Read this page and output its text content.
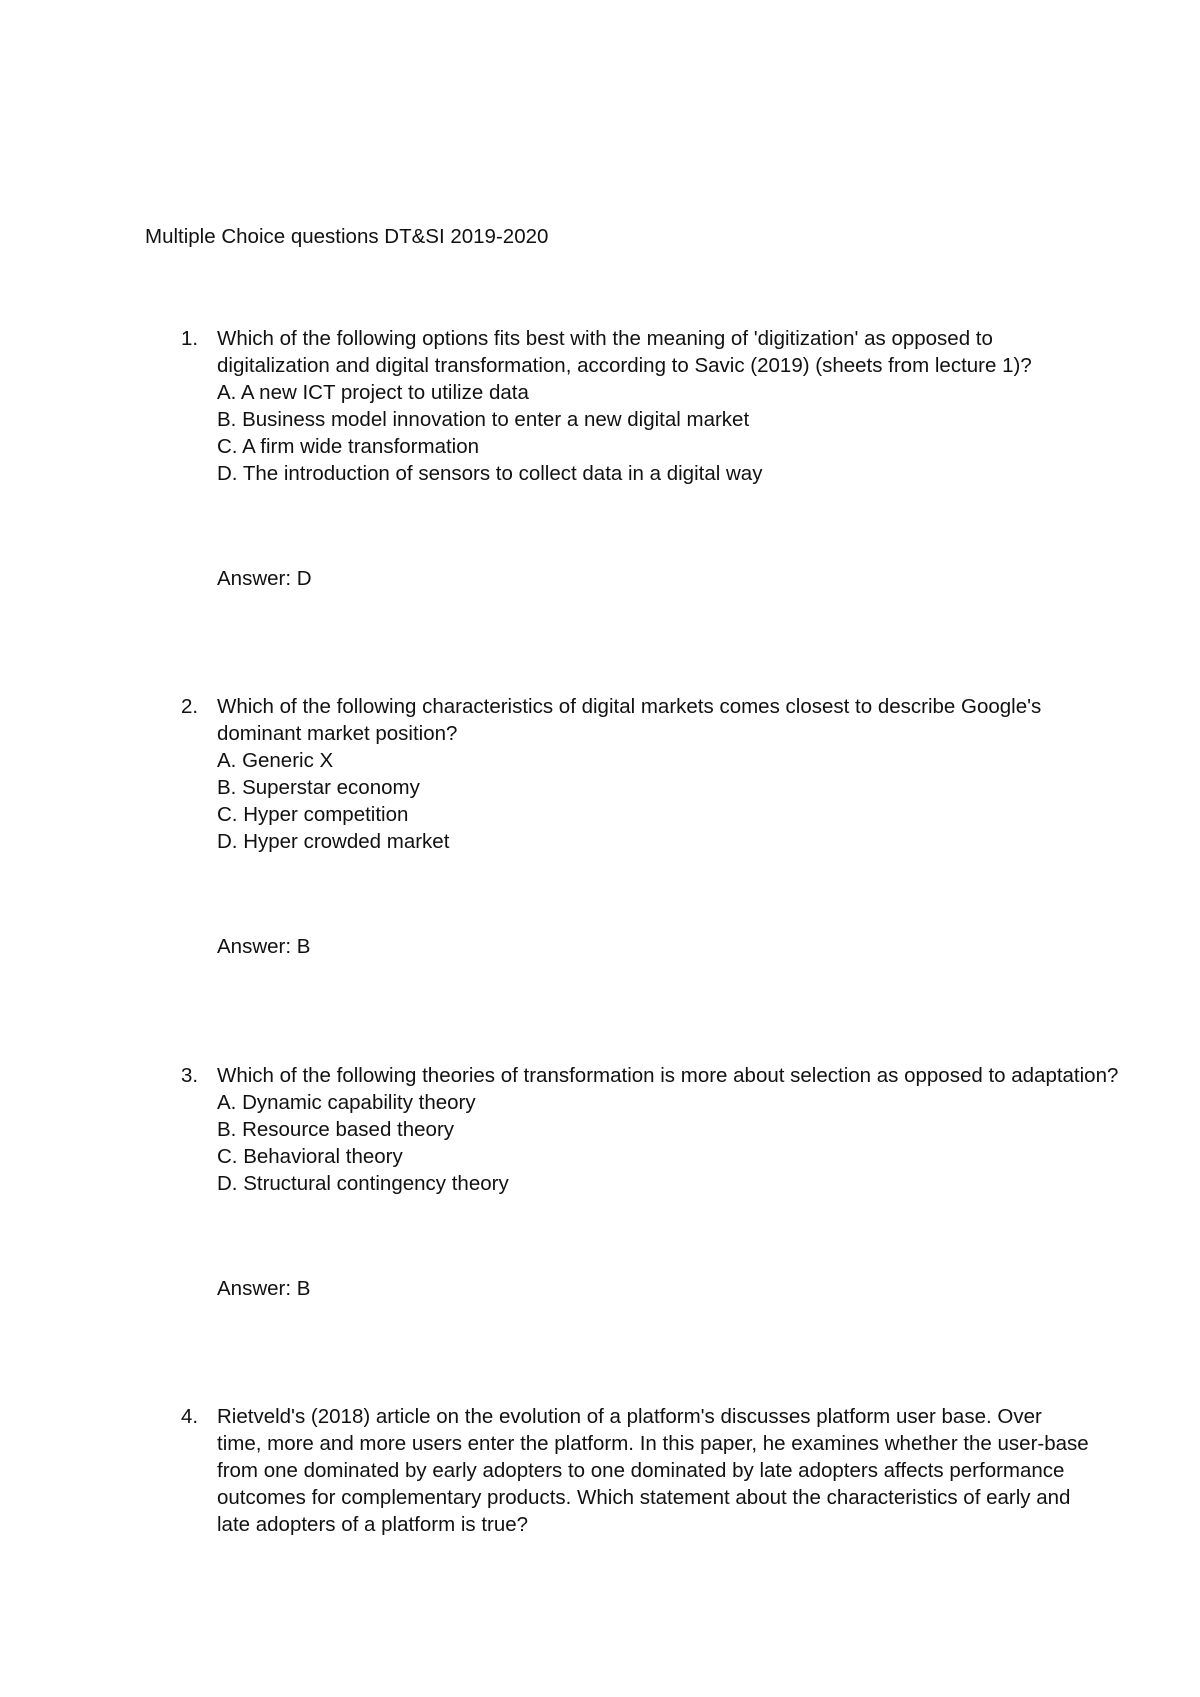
Multiple Choice questions DT&SI 2019-2020
1. Which of the following options fits best with the meaning of 'digitization' as opposed to

digitalization and digital transformation, according to Savic (2019) (sheets from lecture 1)?

A. A new ICT project to utilize data

B. Business model innovation to enter a new digital market

C. A firm wide transformation

D. The introduction of sensors to collect data in a digital way

Answer: D
2. Which of the following characteristics of digital markets comes closest to describe Google's

dominant market position?

A. Generic X

B. Superstar economy

C. Hyper competition

D. Hyper crowded market

Answer: B
3. Which of the following theories of transformation is more about selection as opposed to adaptation?

A. Dynamic capability theory

B. Resource based theory

C. Behavioral theory

D. Structural contingency theory

Answer: B
4. Rietveld's (2018) article on the evolution of a platform's discusses platform user base. Over

time, more and more users enter the platform. In this paper, he examines whether the user-base

from one dominated by early adopters to one dominated by late adopters affects performance

outcomes for complementary products. Which statement about the characteristics of early and

late adopters of a platform is true?
